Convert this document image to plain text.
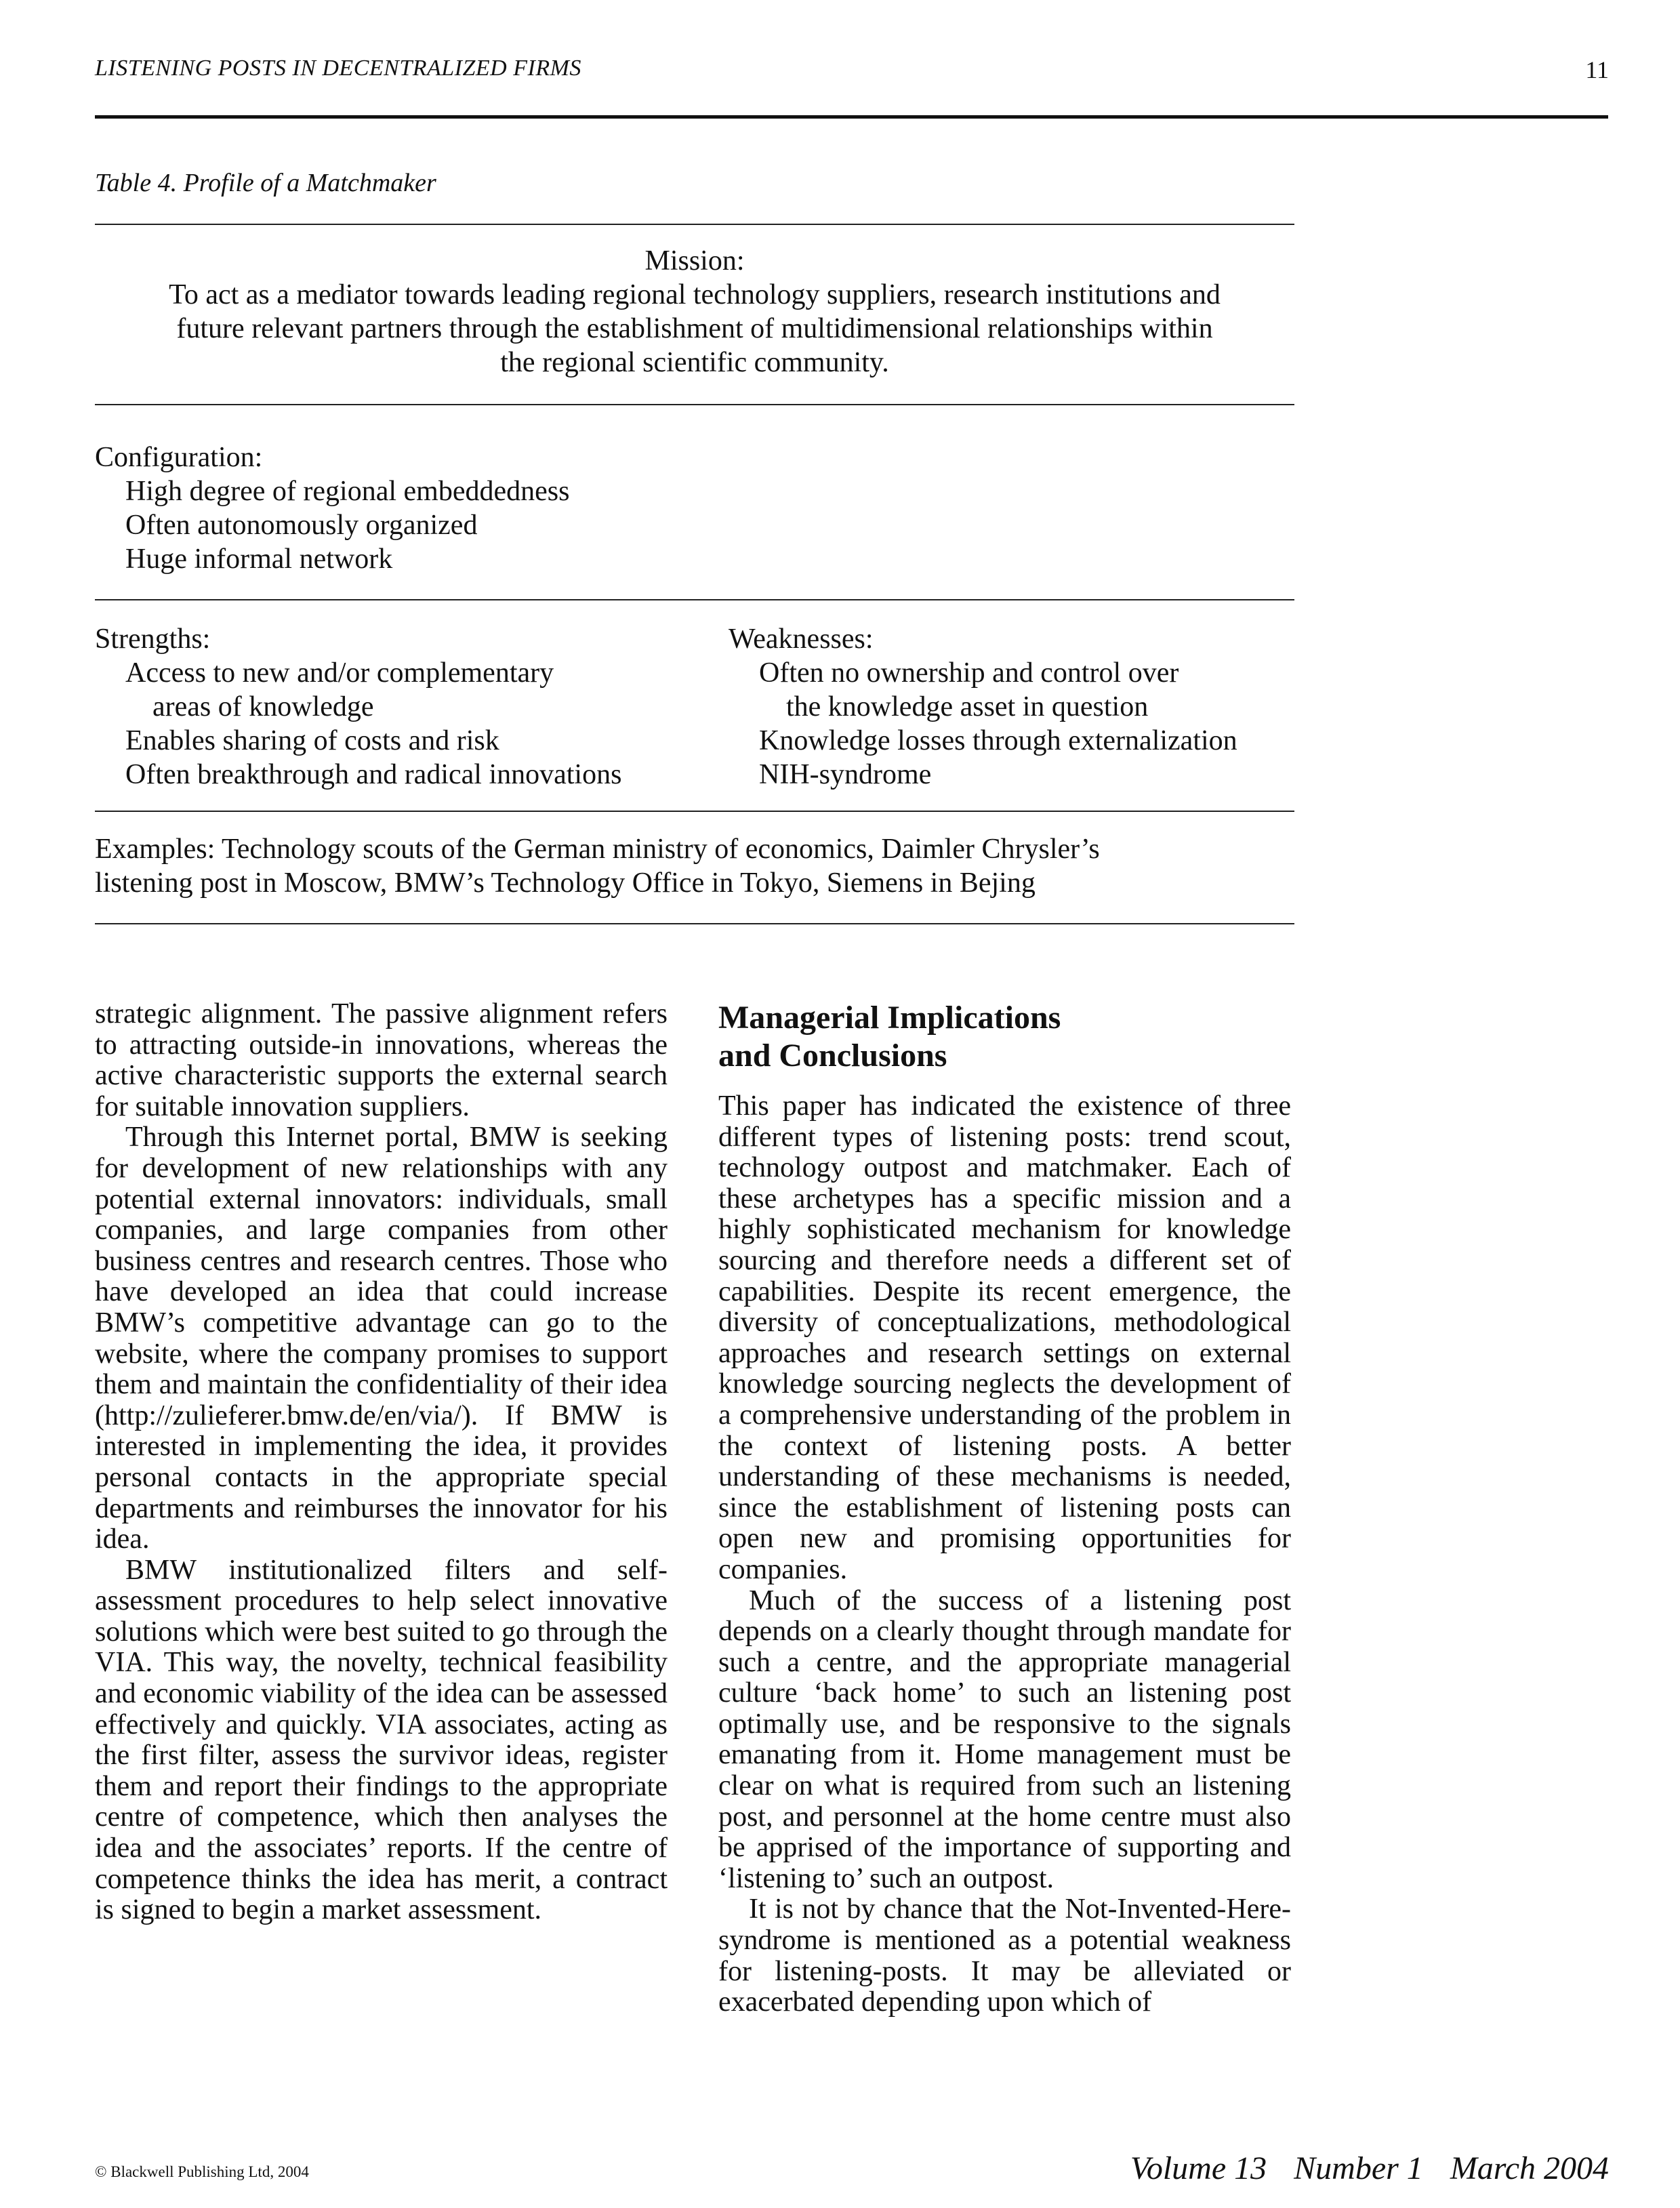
LISTENING POSTS IN DECENTRALIZED FIRMS	11
Table 4. Profile of a Matchmaker
Mission:
To act as a mediator towards leading regional technology suppliers, research institutions and
future relevant partners through the establishment of multidimensional relationships within
the regional scientific community.
Configuration:
High degree of regional embeddedness
Often autonomously organized
Huge informal network
Strengths:
Access to new and/or complementary
areas of knowledge
Enables sharing of costs and risk
Often breakthrough and radical innovations
Weaknesses:
Often no ownership and control over
the knowledge asset in question
Knowledge losses through externalization
NIH-syndrome
Examples: Technology scouts of the German ministry of economics, Daimler Chrysler’s
listening post in Moscow, BMW’s Technology Office in Tokyo, Siemens in Bejing

strategic alignment. The passive alignment refers to attracting outside-in innovations, whereas the active characteristic supports the external search for suitable innovation suppliers.

Through this Internet portal, BMW is seeking for development of new relationships with any potential external innovators: individuals, small companies, and large companies from other business centres and research centres. Those who have developed an idea that could increase BMW’s competitive advantage can go to the website, where the company promises to support them and maintain the confidentiality of their idea (http://zulieferer.bmw.de/en/via/). If BMW is interested in implementing the idea, it provides personal contacts in the appropriate special departments and reimburses the innovator for his idea.

BMW institutionalized filters and self-assessment procedures to help select innovative solutions which were best suited to go through the VIA. This way, the novelty, technical feasibility and economic viability of the idea can be assessed effectively and quickly. VIA associates, acting as the first filter, assess the survivor ideas, register them and report their findings to the appropriate centre of competence, which then analyses the idea and the associates’ reports. If the centre of competence thinks the idea has merit, a contract is signed to begin a market assessment.

Managerial Implications
and Conclusions

This paper has indicated the existence of three different types of listening posts: trend scout, technology outpost and matchmaker. Each of these archetypes has a specific mission and a highly sophisticated mechanism for knowledge sourcing and therefore needs a different set of capabilities. Despite its recent emergence, the diversity of conceptualizations, methodological approaches and research settings on external knowledge sourcing neglects the development of a comprehensive understanding of the problem in the context of listening posts. A better understanding of these mechanisms is needed, since the establishment of listening posts can open new and promising opportunities for companies.

Much of the success of a listening post depends on a clearly thought through mandate for such a centre, and the appropriate managerial culture ‘back home’ to such an listening post optimally use, and be responsive to the signals emanating from it. Home management must be clear on what is required from such an listening post, and personnel at the home centre must also be apprised of the importance of supporting and ‘listening to’ such an outpost.

It is not by chance that the Not-Invented-Here-syndrome is mentioned as a potential weakness for listening-posts. It may be alleviated or exacerbated depending upon which of

© Blackwell Publishing Ltd, 2004	Volume 13 Number 1 March 2004
